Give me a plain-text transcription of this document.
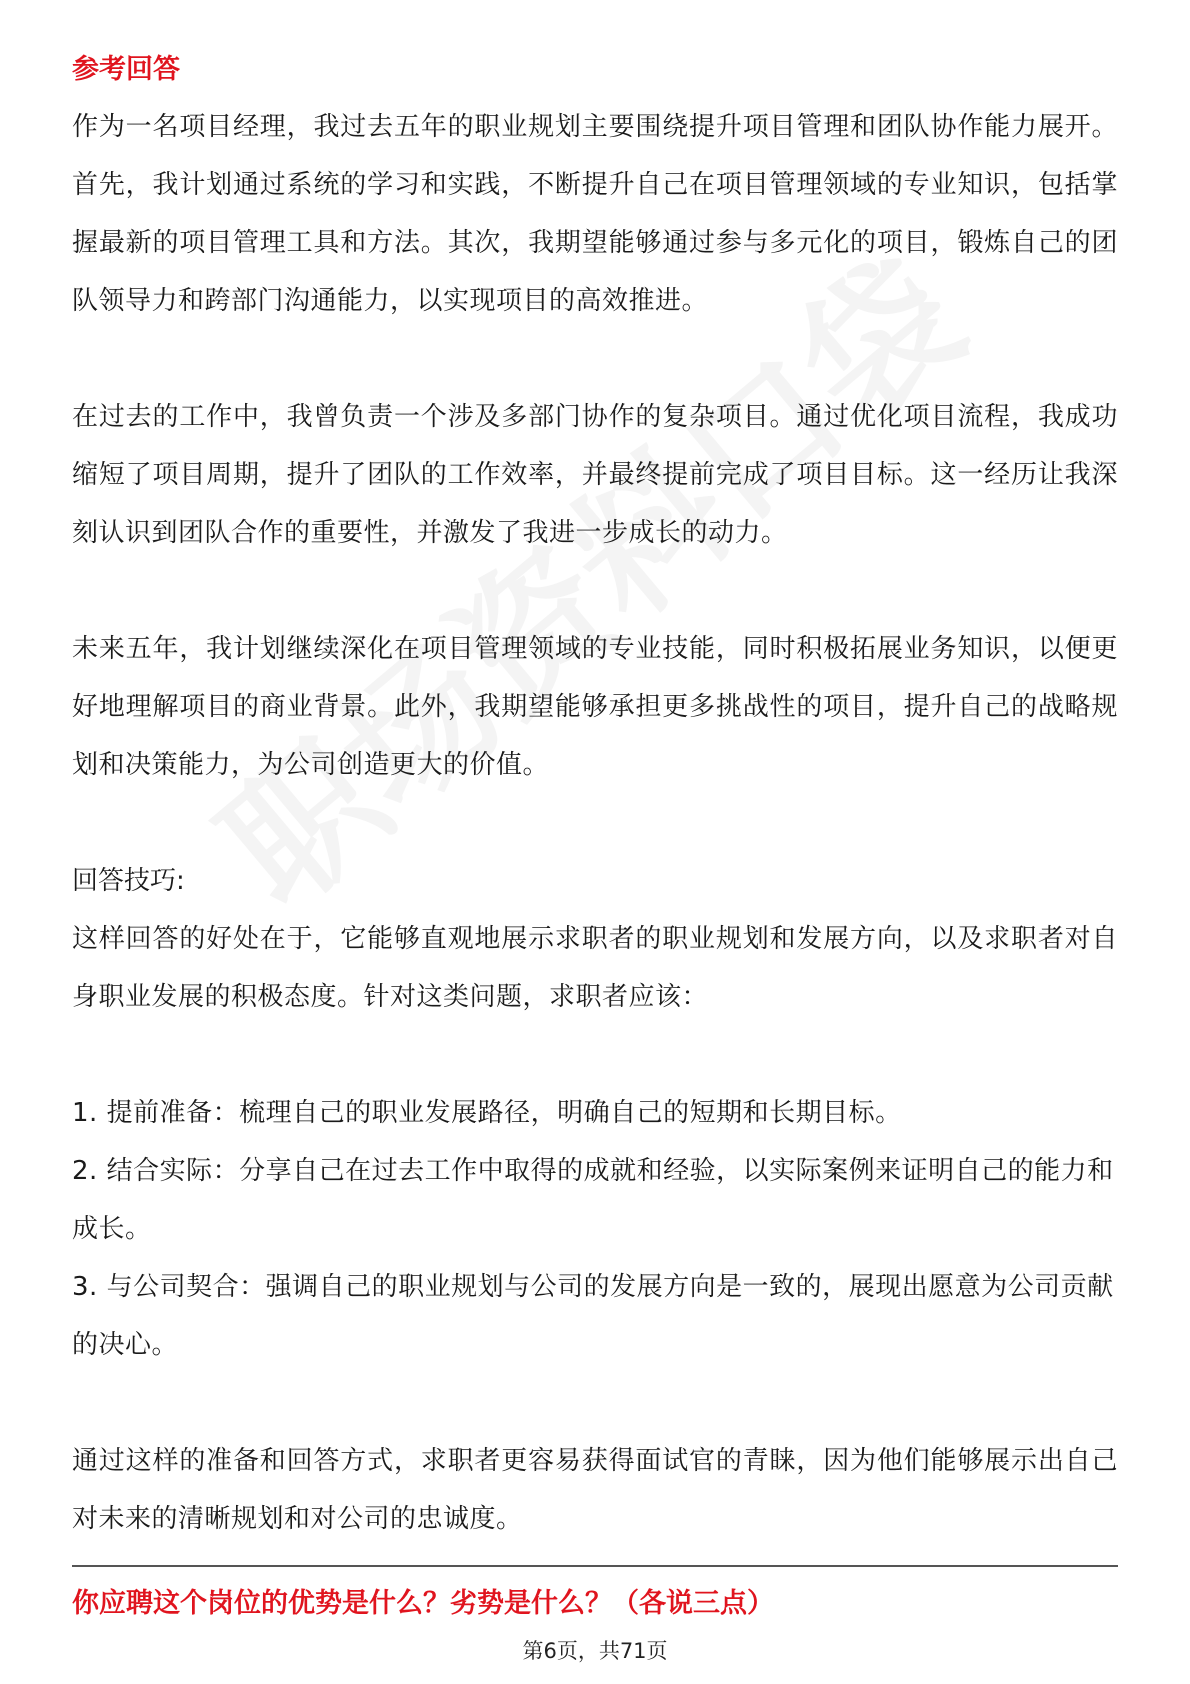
参考回答

作为一名项目经理，我过去五年的职业规划主要围绕提升项目管理和团队协作能力展开。首先，我计划通过系统的学习和实践，不断提升自己在项目管理领域的专业知识，包括掌握最新的项目管理工具和方法。其次，我期望能够通过参与多元化的项目，锻炼自己的团队领导力和跨部门沟通能力，以实现项目的高效推进。

在过去的工作中，我曾负责一个涉及多部门协作的复杂项目。通过优化项目流程，我成功缩短了项目周期，提升了团队的工作效率，并最终提前完成了项目目标。这一经历让我深刻认识到团队合作的重要性，并激发了我进一步成长的动力。

未来五年，我计划继续深化在项目管理领域的专业技能，同时积极拓展业务知识，以便更好地理解项目的商业背景。此外，我期望能够承担更多挑战性的项目，提升自己的战略规划和决策能力，为公司创造更大的价值。

回答技巧:

这样回答的好处在于，它能够直观地展示求职者的职业规划和发展方向，以及求职者对自身职业发展的积极态度。针对这类问题，求职者应该：

1. 提前准备：梳理自己的职业发展路径，明确自己的短期和长期目标。

2. 结合实际：分享自己在过去工作中取得的成就和经验，以实际案例来证明自己的能力和成长。

3. 与公司契合：强调自己的职业规划与公司的发展方向是一致的，展现出愿意为公司贡献的决心。

通过这样的准备和回答方式，求职者更容易获得面试官的青睐，因为他们能够展示出自己对未来的清晰规划和对公司的忠诚度。

你应聘这个岗位的优势是什么？劣势是什么？（各说三点）
第6页，共71页
